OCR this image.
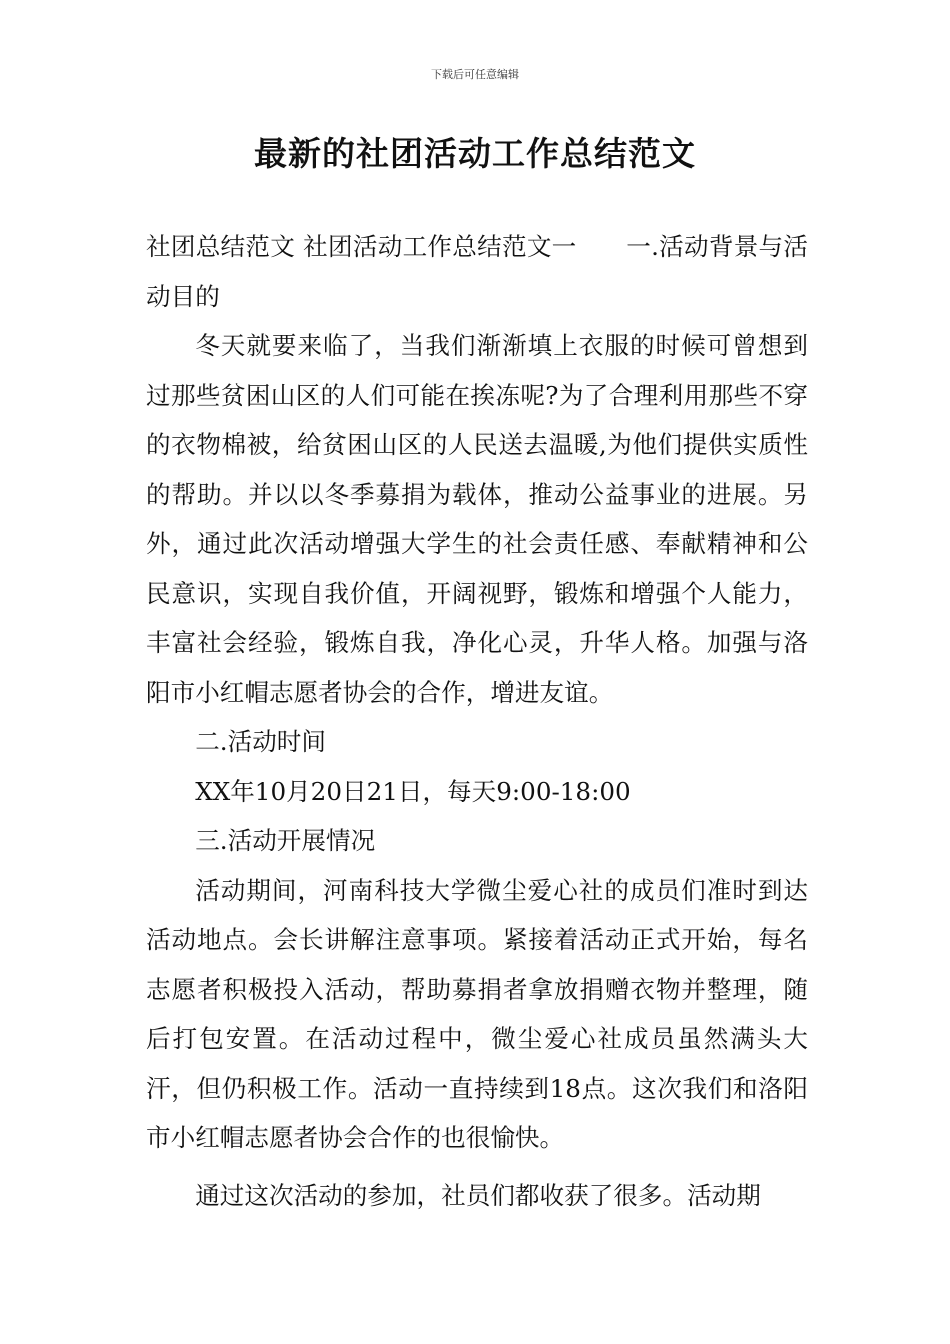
下载后可任意编辑
最新的社团活动工作总结范文

社团总结范文 社团活动工作总结范文一　　一.活动背景与活动目的

冬天就要来临了，当我们渐渐填上衣服的时候可曾想到过那些贫困山区的人们可能在挨冻呢?为了合理利用那些不穿的衣物棉被，给贫困山区的人民送去温暖,为他们提供实质性的帮助。并以以冬季募捐为载体，推动公益事业的进展。另外，通过此次活动增强大学生的社会责任感、奉献精神和公民意识，实现自我价值，开阔视野，锻炼和增强个人能力，丰富社会经验，锻炼自我，净化心灵，升华人格。加强与洛阳市小红帽志愿者协会的合作，增进友谊。

二.活动时间

XX年10月20日21日，每天9:00-18:00

三.活动开展情况

活动期间，河南科技大学微尘爱心社的成员们准时到达活动地点。会长讲解注意事项。紧接着活动正式开始，每名志愿者积极投入活动，帮助募捐者拿放捐赠衣物并整理，随后打包安置。在活动过程中，微尘爱心社成员虽然满头大汗，但仍积极工作。活动一直持续到18点。这次我们和洛阳市小红帽志愿者协会合作的也很愉快。

通过这次活动的参加，社员们都收获了很多。活动期
